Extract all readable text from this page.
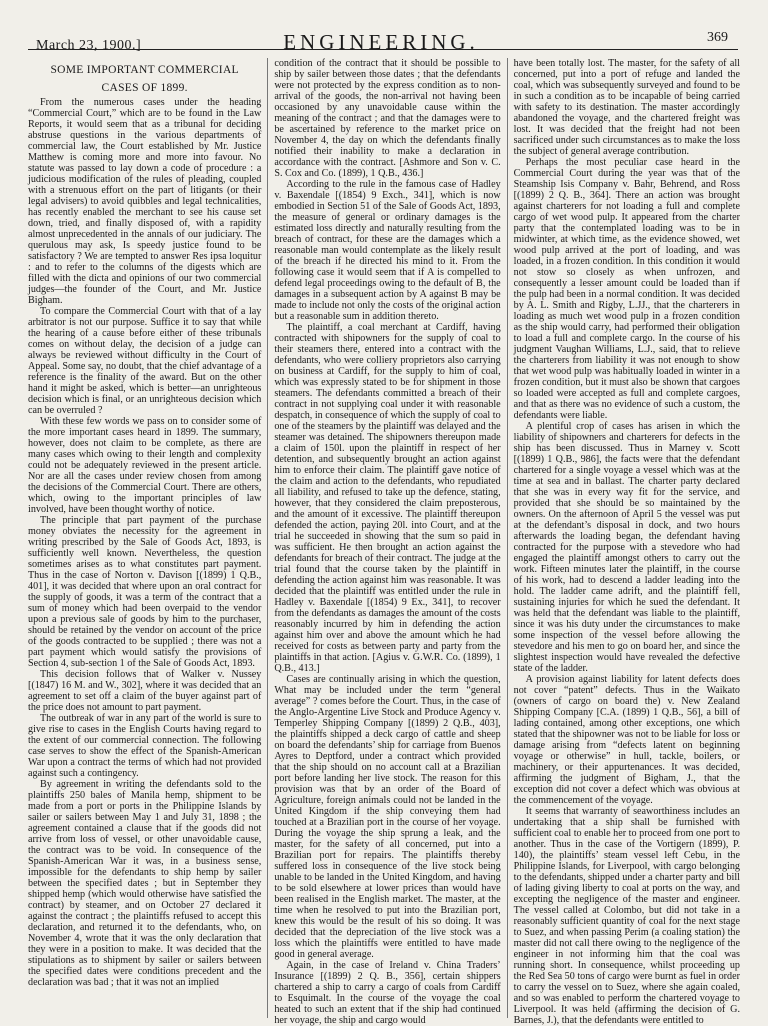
March 23, 1900.]	ENGINEERING.	369
SOME IMPORTANT COMMERCIAL
CASES OF 1899.

From the numerous cases under the heading “Commercial Court,” which are to be found in the Law Reports, it would seem that as a tribunal for deciding abstruse questions in the various departments of commercial law, the Court established by Mr. Justice Matthew is coming more and more into favour. No statute was passed to lay down a code of procedure : a judicious modification of the rules of pleading, coupled with a strenuous effort on the part of litigants (or their legal advisers) to avoid quibbles and legal technicalities, has recently enabled the merchant to see his cause set down, tried, and finally disposed of, with a rapidity almost unprecedented in the annals of our judiciary. The querulous may ask, Is speedy justice found to be satisfactory ? We are tempted to answer Res ipsa loquitur : and to refer to the columns of the digests which are filled with the dicta and opinions of our two commercial judges—the founder of the Court, and Mr. Justice Bigham.

To compare the Commercial Court with that of a lay arbitrator is not our purpose. Suffice it to say that while the hearing of a cause before either of these tribunals comes on without delay, the decision of a judge can always be reviewed without difficulty in the Court of Appeal. Some say, no doubt, that the chief advantage of a reference is the finality of the award. But on the other hand it might be asked, which is better—an unrighteous decision which is final, or an unrighteous decision which can be overruled ?

With these few words we pass on to consider some of the more important cases heard in 1899. The summary, however, does not claim to be complete, as there are many cases which owing to their length and complexity could not be adequately reviewed in the present article. Nor are all the cases under review chosen from among the decisions of the Commercial Court. There are others, which, owing to the important principles of law involved, have been thought worthy of notice.

The principle that part payment of the purchase money obviates the necessity for the agreement in writing prescribed by the Sale of Goods Act, 1893, is sufficiently well known. Nevertheless, the question sometimes arises as to what constitutes part payment. Thus in the case of Norton v. Davison [(1899) 1 Q.B., 401], it was decided that where upon an oral contract for the supply of goods, it was a term of the contract that a sum of money which had been overpaid to the vendor upon a previous sale of goods by him to the purchaser, should be retained by the vendor on account of the price of the goods contracted to be supplied ; there was not a part payment which would satisfy the provisions of Section 4, sub-section 1 of the Sale of Goods Act, 1893.

This decision follows that of Walker v. Nussey [(1847) 16 M. and W., 302], where it was decided that an agreement to set off a claim of the buyer against part of the price does not amount to part payment.

The outbreak of war in any part of the world is sure to give rise to cases in the English Courts having regard to the extent of our commercial connection. The following case serves to show the effect of the Spanish-American War upon a contract the terms of which had not provided against such a contingency.

By agreement in writing the defendants sold to the plaintiffs 250 bales of Manila hemp, shipment to be made from a port or ports in the Philippine Islands by sailer or sailers between May 1 and July 31, 1898 ; the agreement contained a clause that if the goods did not arrive from loss of vessel, or other unavoidable cause, the contract was to be void. In consequence of the Spanish-American War it was, in a business sense, impossible for the defendants to ship hemp by sailer between the specified dates ; but in September they shipped hemp (which would otherwise have satisfied the contract) by steamer, and on October 27 declared it against the contract ; the plaintiffs refused to accept this declaration, and returned it to the defendants, who, on November 4, wrote that it was the only declaration that they were in a position to make. It was decided that the stipulations as to shipment by sailer or sailers between the specified dates were conditions precedent and the declaration was bad ; that it was not an implied

condition of the contract that it should be possible to ship by sailer between those dates ; that the defendants were not protected by the express condition as to non-arrival of the goods, the non-arrival not having been occasioned by any unavoidable cause within the meaning of the contract ; and that the damages were to be ascertained by reference to the market price on November 4, the day on which the defendants finally notified their inability to make a declaration in accordance with the contract. [Ashmore and Son v. C. S. Cox and Co. (1899), 1 Q.B., 436.]

According to the rule in the famous case of Hadley v. Baxendale [(1854) 9 Exch., 341], which is now embodied in Section 51 of the Sale of Goods Act, 1893, the measure of general or ordinary damages is the estimated loss directly and naturally resulting from the breach of contract, for these are the damages which a reasonable man would contemplate as the likely result of the breach if he directed his mind to it. From the following case it would seem that if A is compelled to defend legal proceedings owing to the default of B, the damages in a subsequent action by A against B may be made to include not only the costs of the original action but a reasonable sum in addition thereto.

The plaintiff, a coal merchant at Cardiff, having contracted with shipowners for the supply of coal to their steamers there, entered into a contract with the defendants, who were colliery proprietors also carrying on business at Cardiff, for the supply to him of coal, which was expressly stated to be for shipment in those steamers. The defendants committed a breach of their contract in not supplying coal under it with reasonable despatch, in consequence of which the supply of coal to one of the steamers by the plaintiff was delayed and the steamer was detained. The shipowners thereupon made a claim of 150l. upon the plaintiff in respect of her detention, and subsequently brought an action against him to enforce their claim. The plaintiff gave notice of the claim and action to the defendants, who repudiated all liability, and refused to take up the defence, stating, however, that they considered the claim preposterous, and the amount of it excessive. The plaintiff thereupon defended the action, paying 20l. into Court, and at the trial he succeeded in showing that the sum so paid in was sufficient. He then brought an action against the defendants for breach of their contract. The judge at the trial found that the course taken by the plaintiff in defending the action against him was reasonable. It was decided that the plaintiff was entitled under the rule in Hadley v. Baxendale [(1854) 9 Ex., 341], to recover from the defendants as damages the amount of the costs reasonably incurred by him in defending the action against him over and above the amount which he had received for costs as between party and party from the plaintiffs in that action. [Agius v. G.W.R. Co. (1899), 1 Q.B., 413.]

Cases are continually arising in which the question, What may be included under the term “general average” ? comes before the Court. Thus, in the case of the Anglo-Argentine Live Stock and Produce Agency v. Temperley Shipping Company [(1899) 2 Q.B., 403], the plaintiffs shipped a deck cargo of cattle and sheep on board the defendants’ ship for carriage from Buenos Ayres to Deptford, under a contract which provided that the ship should on no account call at a Brazilian port before landing her live stock. The reason for this provision was that by an order of the Board of Agriculture, foreign animals could not be landed in the United Kingdom if the ship conveying them had touched at a Brazilian port in the course of her voyage. During the voyage the ship sprung a leak, and the master, for the safety of all concerned, put into a Brazilian port for repairs. The plaintiffs thereby suffered loss in consequence of the live stock being unable to be landed in the United Kingdom, and having to be sold elsewhere at lower prices than would have been realised in the English market. The master, at the time when he resolved to put into the Brazilian port, knew this would be the result of his so doing. It was decided that the depreciation of the live stock was a loss which the plaintiffs were entitled to have made good in general average.

Again, in the case of Ireland v. China Traders’ Insurance [(1899) 2 Q. B., 356], certain shippers chartered a ship to carry a cargo of coals from Cardiff to Esquimalt. In the course of the voyage the coal heated to such an extent that if the ship had continued her voyage, the ship and cargo would

have been totally lost. The master, for the safety of all concerned, put into a port of refuge and landed the coal, which was subsequently surveyed and found to be in such a condition as to be incapable of being carried with safety to its destination. The master accordingly abandoned the voyage, and the chartered freight was lost. It was decided that the freight had not been sacrificed under such circumstances as to make the loss the subject of general average contribution.

Perhaps the most peculiar case heard in the Commercial Court during the year was that of the Steamship Isis Company v. Bahr, Behrend, and Ross [(1899) 2 Q. B., 364]. There an action was brought against charterers for not loading a full and complete cargo of wet wood pulp. It appeared from the charter party that the contemplated loading was to be in midwinter, at which time, as the evidence showed, wet wood pulp arrived at the port of loading, and was loaded, in a frozen condition. In this condition it would not stow so closely as when unfrozen, and consequently a lesser amount could be loaded than if the pulp had been in a normal condition. It was decided by A. L. Smith and Rigby, L.JJ., that the charterers in loading as much wet wood pulp in a frozen condition as the ship would carry, had performed their obligation to load a full and complete cargo. In the course of his judgment Vaughan Williams, L.J., said, that to relieve the charterers from liability it was not enough to show that wet wood pulp was habitually loaded in winter in a frozen condition, but it must also be shown that cargoes so loaded were accepted as full and complete cargoes, and that as there was no evidence of such a custom, the defendants were liable.

A plentiful crop of cases has arisen in which the liability of shipowners and charterers for defects in the ship has been discussed. Thus in Marney v. Scott [(1899) 1 Q.B., 986], the facts were that the defendant chartered for a single voyage a vessel which was at the time at sea and in ballast. The charter party declared that she was in every way fit for the service, and provided that she should be so maintained by the owners. On the afternoon of April 5 the vessel was put at the defendant’s disposal in dock, and two hours afterwards the loading began, the defendant having contracted for the purpose with a stevedore who had engaged the plaintiff amongst others to carry out the work. Fifteen minutes later the plaintiff, in the course of his work, had to descend a ladder leading into the hold. The ladder came adrift, and the plaintiff fell, sustaining injuries for which he sued the defendant. It was held that the defendant was liable to the plaintiff, since it was his duty under the circumstances to make some inspection of the vessel before allowing the stevedore and his men to go on board her, and since the slightest inspection would have revealed the defective state of the ladder.

A provision against liability for latent defects does not cover “patent” defects. Thus in the Waikato (owners of cargo on board the) v. New Zealand Shipping Company [C.A. (1899) 1 Q.B., 56], a bill of lading contained, among other exceptions, one which stated that the shipowner was not to be liable for loss or damage arising from “defects latent on beginning voyage or otherwise” in hull, tackle, boilers, or machinery, or their appurtenances. It was decided, affirming the judgment of Bigham, J., that the exception did not cover a defect which was obvious at the commencement of the voyage.

It seems that warranty of seaworthiness includes an undertaking that a ship shall be furnished with sufficient coal to enable her to proceed from one port to another. Thus in the case of the Vortigern (1899), P. 140), the plaintiffs’ steam vessel left Cebu, in the Philippine Islands, for Liverpool, with cargo belonging to the defendants, shipped under a charter party and bill of lading giving liberty to coal at ports on the way, and excepting the negligence of the master and engineer. The vessel called at Colombo, but did not take in a reasonably sufficient quantity of coal for the next stage to Suez, and when passing Perim (a coaling station) the master did not call there owing to the negligence of the engineer in not informing him that the coal was running short. In consequence, whilst proceeding up the Red Sea 50 tons of cargo were burnt as fuel in order to carry the vessel on to Suez, where she again coaled, and so was enabled to perform the chartered voyage to Liverpool. It was held (affirming the decision of G. Barnes, J.), that the defendants were entitled to
